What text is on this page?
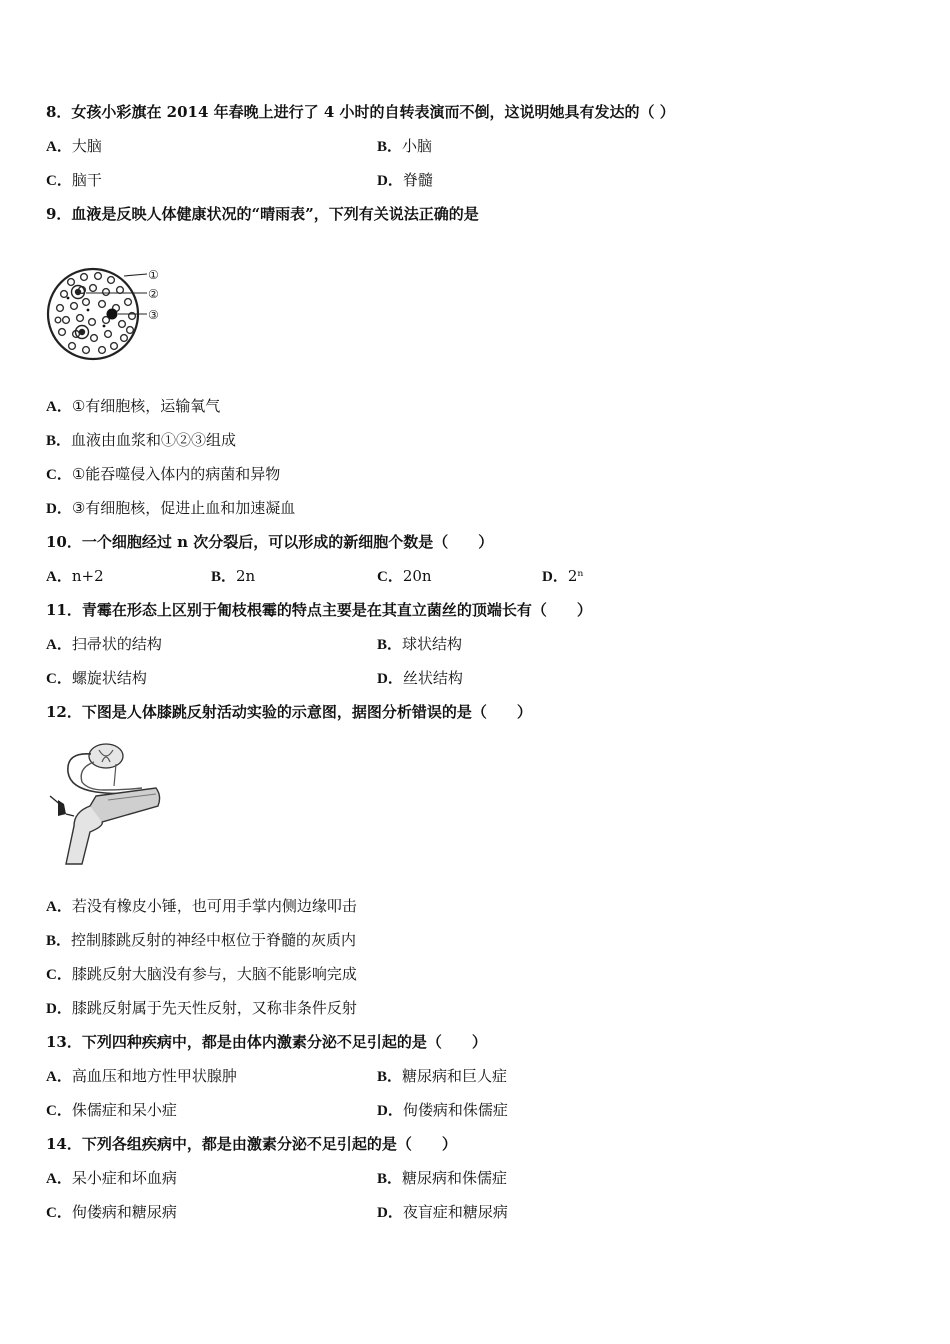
8．女孩小彩旗在 2014 年春晚上进行了 4 小时的自转表演而不倒，这说明她具有发达的（ ）
A．大脑	B．小脑
C．脑干	D．脊髓
9．血液是反映人体健康状况的“晴雨表”，下列有关说法正确的是
①
②
③
A．①有细胞核，运输氧气
B．血液由血浆和①②③组成
C．①能吞噬侵入体内的病菌和异物
D．③有细胞核，促进止血和加速凝血
10．一个细胞经过 n 次分裂后，可以形成的新细胞个数是（　　）
A．n+2	B．2n	C．20n	D．2ⁿ
11．青霉在形态上区别于匍枝根霉的特点主要是在其直立菌丝的顶端长有（　　）
A．扫帚状的结构	B．球状结构
C．螺旋状结构	D．丝状结构
12．下图是人体膝跳反射活动实验的示意图，据图分析错误的是（　　）
A．若没有橡皮小锤，也可用手掌内侧边缘叩击
B．控制膝跳反射的神经中枢位于脊髓的灰质内
C．膝跳反射大脑没有参与，大脑不能影响完成
D．膝跳反射属于先天性反射，又称非条件反射
13．下列四种疾病中，都是由体内激素分泌不足引起的是（　　）
A．高血压和地方性甲状腺肿	B．糖尿病和巨人症
C．侏儒症和呆小症	D．佝偻病和侏儒症
14．下列各组疾病中，都是由激素分泌不足引起的是（　　）
A．呆小症和坏血病	B．糖尿病和侏儒症
C．佝偻病和糖尿病	D．夜盲症和糖尿病
